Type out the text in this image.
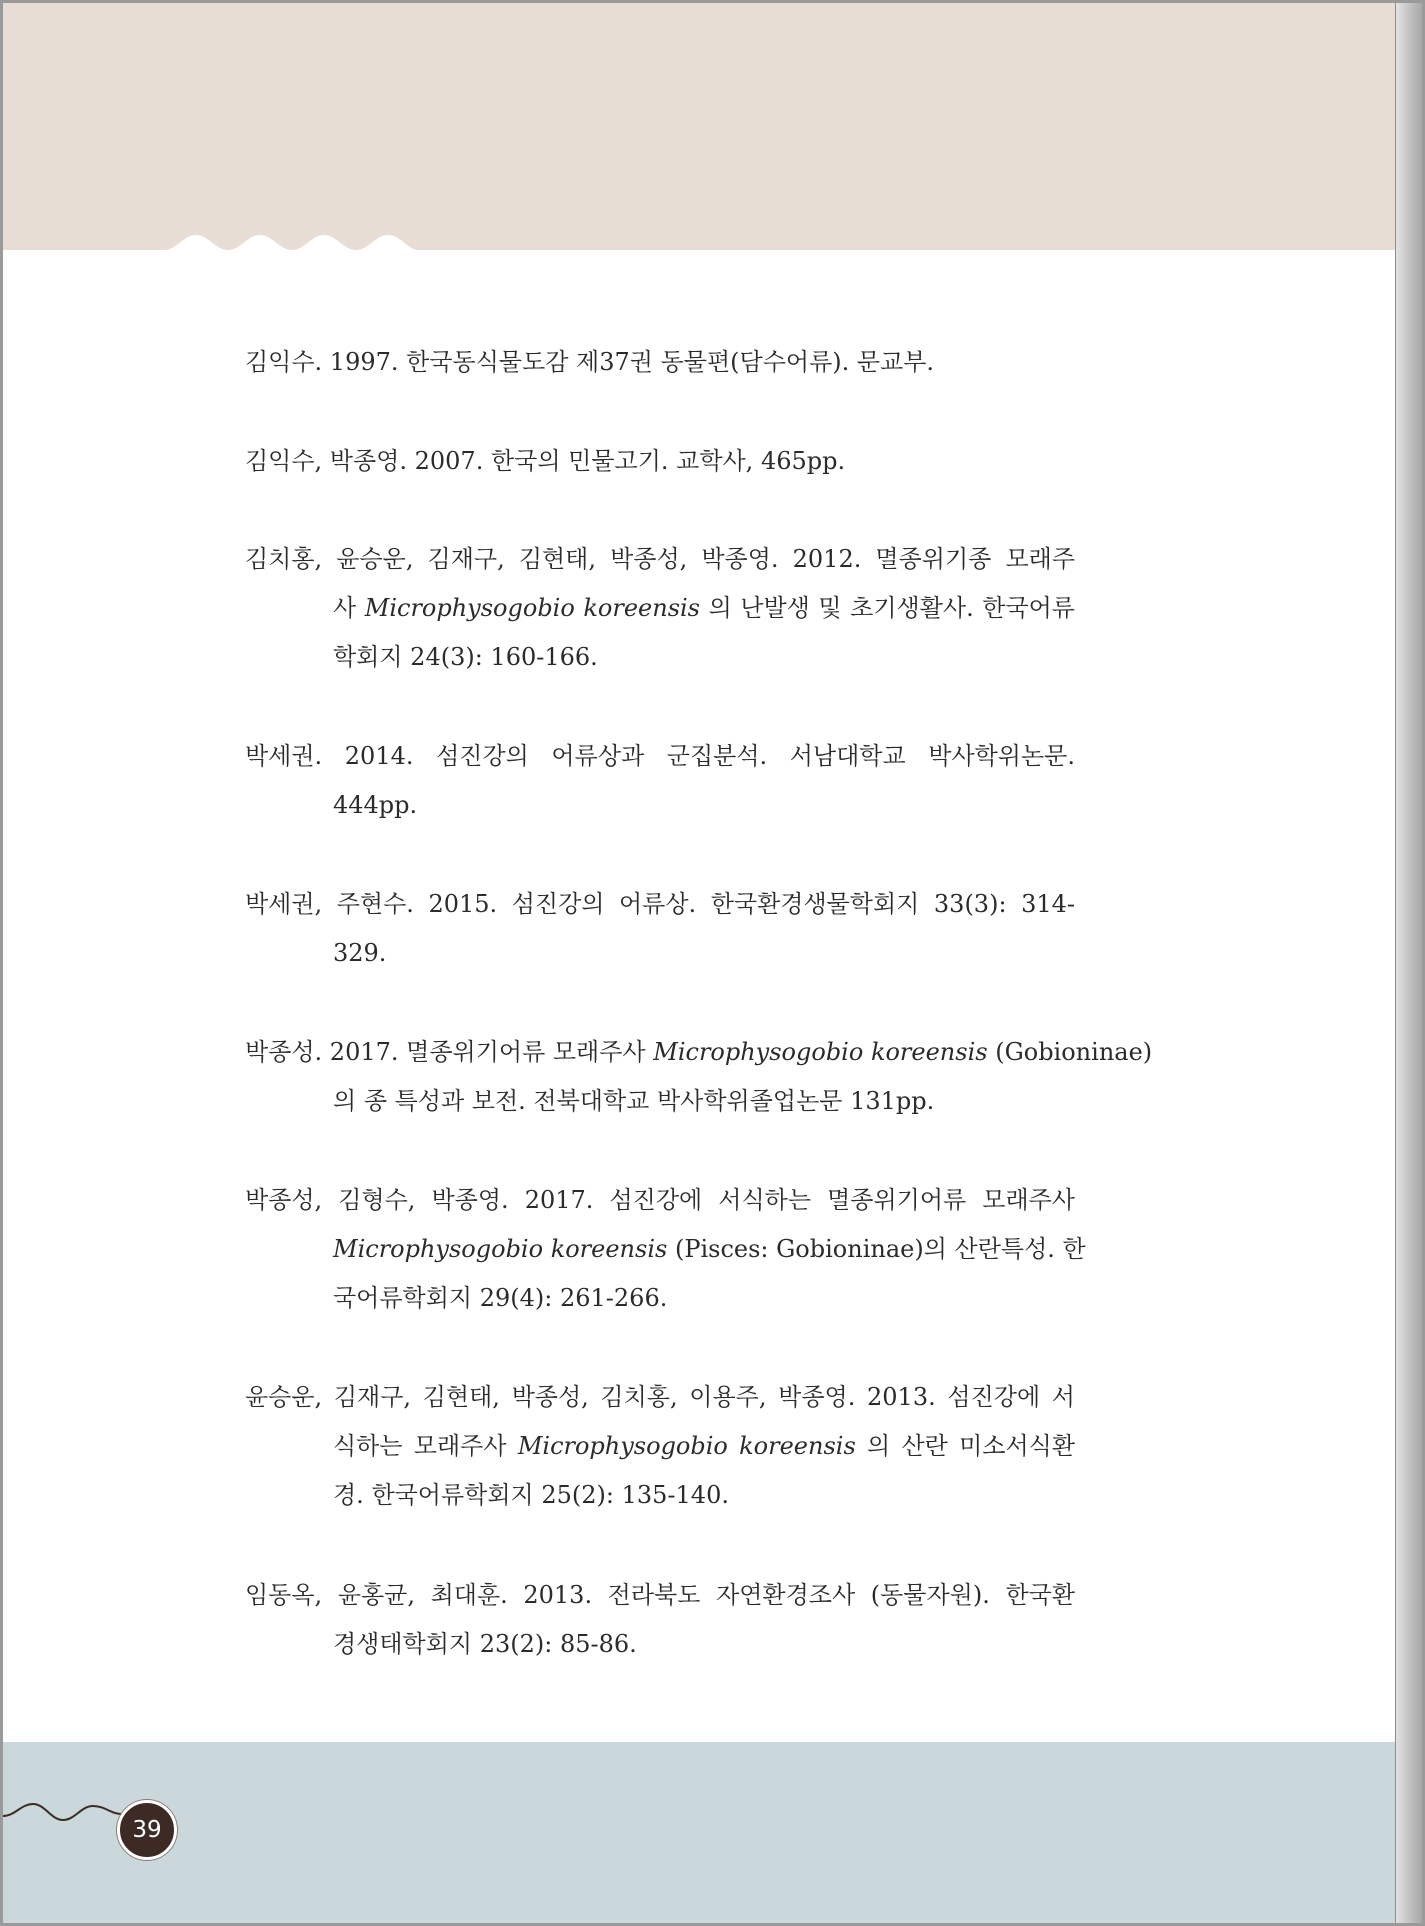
39
김익수. 1997. 한국동식물도감 제37권 동물편(담수어류). 문교부.
김익수, 박종영. 2007. 한국의 민물고기. 교학사, 465pp.
김치홍, 윤승운, 김재구, 김현태, 박종성, 박종영. 2012. 멸종위기종 모래주
사 Microphysogobio koreensis 의 난발생 및 초기생활사. 한국어류
학회지 24(3): 160-166.
박세권. 2014. 섬진강의 어류상과 군집분석. 서남대학교 박사학위논문.
444pp.
박세권, 주현수. 2015. 섬진강의 어류상. 한국환경생물학회지 33(3): 314-
329.
박종성. 2017. 멸종위기어류 모래주사 Microphysogobio koreensis (Gobioninae)
의 종 특성과 보전. 전북대학교 박사학위졸업논문 131pp.
박종성, 김형수, 박종영. 2017. 섬진강에 서식하는 멸종위기어류 모래주사
Microphysogobio koreensis (Pisces: Gobioninae)의 산란특성. 한
국어류학회지 29(4): 261-266.
윤승운, 김재구, 김현태, 박종성, 김치홍, 이용주, 박종영. 2013. 섬진강에 서
식하는 모래주사 Microphysogobio koreensis 의 산란 미소서식환
경. 한국어류학회지 25(2): 135-140.
임동옥, 윤홍균, 최대훈. 2013. 전라북도 자연환경조사 (동물자원). 한국환
경생태학회지 23(2): 85-86.
